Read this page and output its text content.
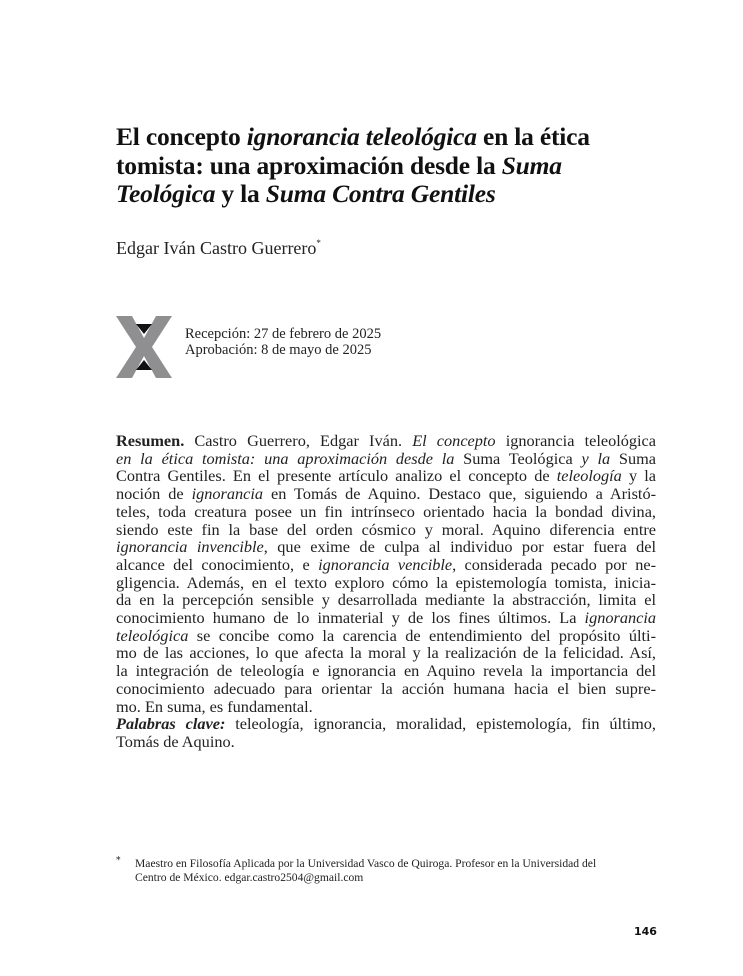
El concepto ignorancia teleológica en la ética
tomista: una aproximación desde la Suma
Teológica y la Suma Contra Gentiles
Edgar Iván Castro Guerrero*
Recepción: 27 de febrero de 2025
Aprobación: 8 de mayo de 2025
Resumen. Castro Guerrero, Edgar Iván. El concepto ignorancia teleológica
en la ética tomista: una aproximación desde la Suma Teológica y la Suma
Contra Gentiles. En el presente artículo analizo el concepto de teleología y la
noción de ignorancia en Tomás de Aquino. Destaco que, siguiendo a Aristó-
teles, toda creatura posee un fin intrínseco orientado hacia la bondad divina,
siendo este fin la base del orden cósmico y moral. Aquino diferencia entre
ignorancia invencible, que exime de culpa al individuo por estar fuera del
alcance del conocimiento, e ignorancia vencible, considerada pecado por ne-
gligencia. Además, en el texto exploro cómo la epistemología tomista, inicia-
da en la percepción sensible y desarrollada mediante la abstracción, limita el
conocimiento humano de lo inmaterial y de los fines últimos. La ignorancia
teleológica se concibe como la carencia de entendimiento del propósito últi-
mo de las acciones, lo que afecta la moral y la realización de la felicidad. Así,
la integración de teleología e ignorancia en Aquino revela la importancia del
conocimiento adecuado para orientar la acción humana hacia el bien supre-
mo. En suma, es fundamental.
Palabras clave: teleología, ignorancia, moralidad, epistemología, fin último,
Tomás de Aquino.
* Maestro en Filosofía Aplicada por la Universidad Vasco de Quiroga. Profesor en la Universidad del
Centro de México. edgar.castro2504@gmail.com
146
